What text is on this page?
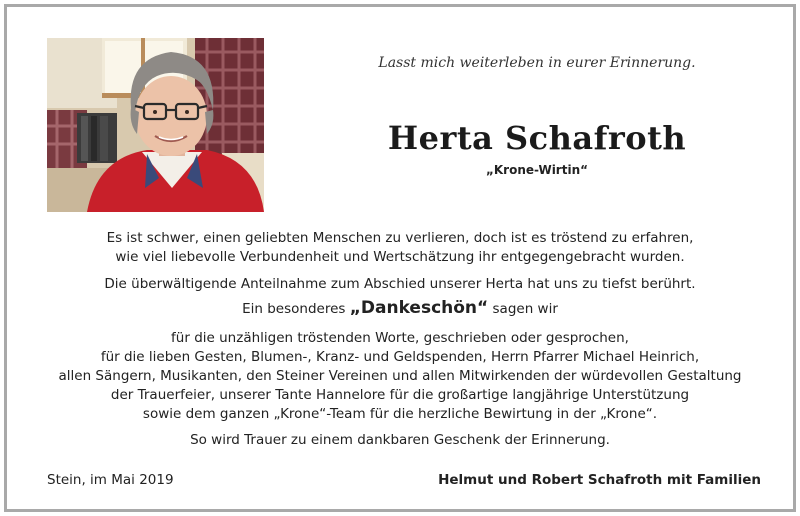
Lasst mich weiterleben in eurer Erinnerung.
Herta Schafroth
„Krone-Wirtin“

Es ist schwer, einen geliebten Menschen zu verlieren, doch ist es tröstend zu erfahren,

wie viel liebevolle Verbundenheit und Wertschätzung ihr entgegengebracht wurden.

Die überwältigende Anteilnahme zum Abschied unserer Herta hat uns zu tiefst berührt.

Ein besonderes „Dankeschön“ sagen wir

für die unzähligen tröstenden Worte, geschrieben oder gesprochen,

für die lieben Gesten, Blumen-, Kranz- und Geldspenden, Herrn Pfarrer Michael Heinrich,

allen Sängern, Musikanten, den Steiner Vereinen und allen Mitwirkenden der würdevollen Gestaltung

der Trauerfeier, unserer Tante Hannelore für die großartige langjährige Unterstützung

sowie dem ganzen „Krone“-Team für die herzliche Bewirtung in der „Krone“.

So wird Trauer zu einem dankbaren Geschenk der Erinnerung.

Stein, im Mai 2019	Helmut und Robert Schafroth mit Familien
